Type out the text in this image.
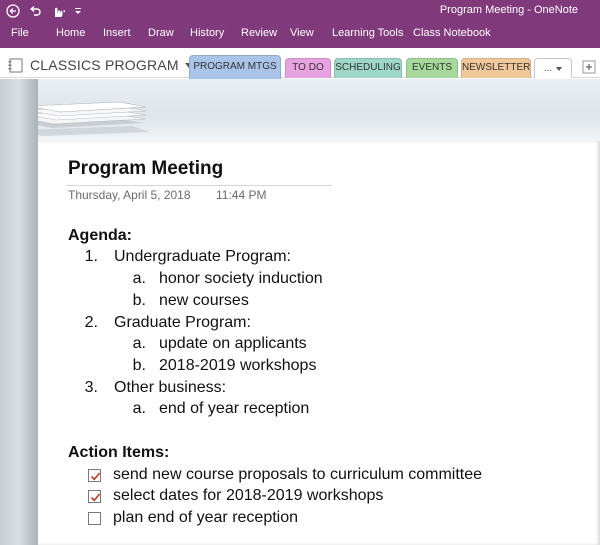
Program Meeting - OneNote
File Home Insert Draw History Review View Learning Tools Class Notebook
CLASSICS PROGRAM	PROGRAM MTGS	TO DO	SCHEDULING	EVENTS	NEWSLETTER ...
Program Meeting
Thursday, April 5, 2018 11:44 PM
Agenda:
1. Undergraduate Program:
a. honor society induction
b. new courses
2. Graduate Program:
a. update on applicants
b. 2018-2019 workshops
3. Other business:
a. end of year reception
Action Items:
send new course proposals to curriculum committee
select dates for 2018-2019 workshops
plan end of year reception
